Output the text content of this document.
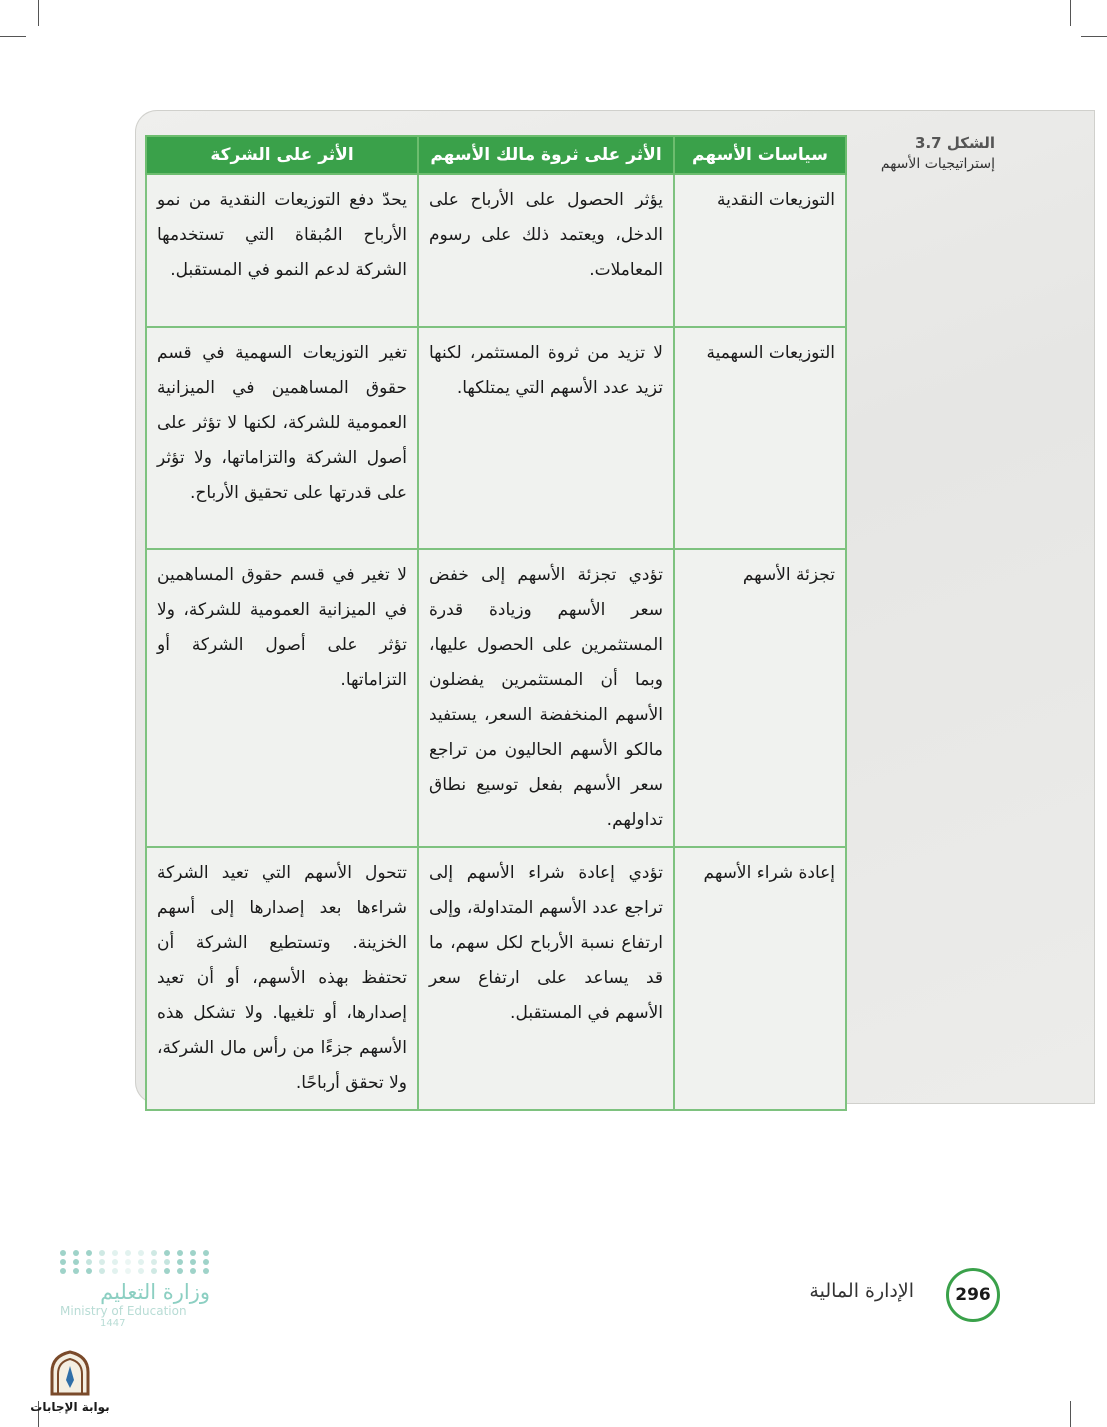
الشكل 3.7
إستراتيجيات الأسهم
سياسات الأسهم	الأثر على ثروة مالك الأسهم	الأثر على الشركة
التوزيعات النقدية	يؤثر الحصول على الأرباح على الدخل، ويعتمد ذلك على رسوم المعاملات.	يحدّ دفع التوزيعات النقدية من نمو الأرباح المُبقاة التي تستخدمها الشركة لدعم النمو في المستقبل.
التوزيعات السهمية	لا تزيد من ثروة المستثمر، لكنها تزيد عدد الأسهم التي يمتلكها.	تغير التوزيعات السهمية في قسم حقوق المساهمين في الميزانية العمومية للشركة، لكنها لا تؤثر على أصول الشركة والتزاماتها، ولا تؤثر على قدرتها على تحقيق الأرباح.
تجزئة الأسهم	تؤدي تجزئة الأسهم إلى خفض سعر الأسهم وزيادة قدرة المستثمرين على الحصول عليها، وبما أن المستثمرين يفضلون الأسهم المنخفضة السعر، يستفيد مالكو الأسهم الحاليون من تراجع سعر الأسهم بفعل توسيع نطاق تداولهم.	لا تغير في قسم حقوق المساهمين في الميزانية العمومية للشركة، ولا تؤثر على أصول الشركة أو التزاماتها.
إعادة شراء الأسهم	تؤدي إعادة شراء الأسهم إلى تراجع عدد الأسهم المتداولة، وإلى ارتفاع نسبة الأرباح لكل سهم، ما قد يساعد على ارتفاع سعر الأسهم في المستقبل.	تتحول الأسهم التي تعيد الشركة شراءها بعد إصدارها إلى أسهم الخزينة. وتستطيع الشركة أن تحتفظ بهذه الأسهم، أو أن تعيد إصدارها، أو تلغيها. ولا تشكل هذه الأسهم جزءًا من رأس مال الشركة، ولا تحقق أرباحًا.
الإدارة المالية	296
وزارة التعليم
Ministry of Education
1447
بوابة الإجابات
